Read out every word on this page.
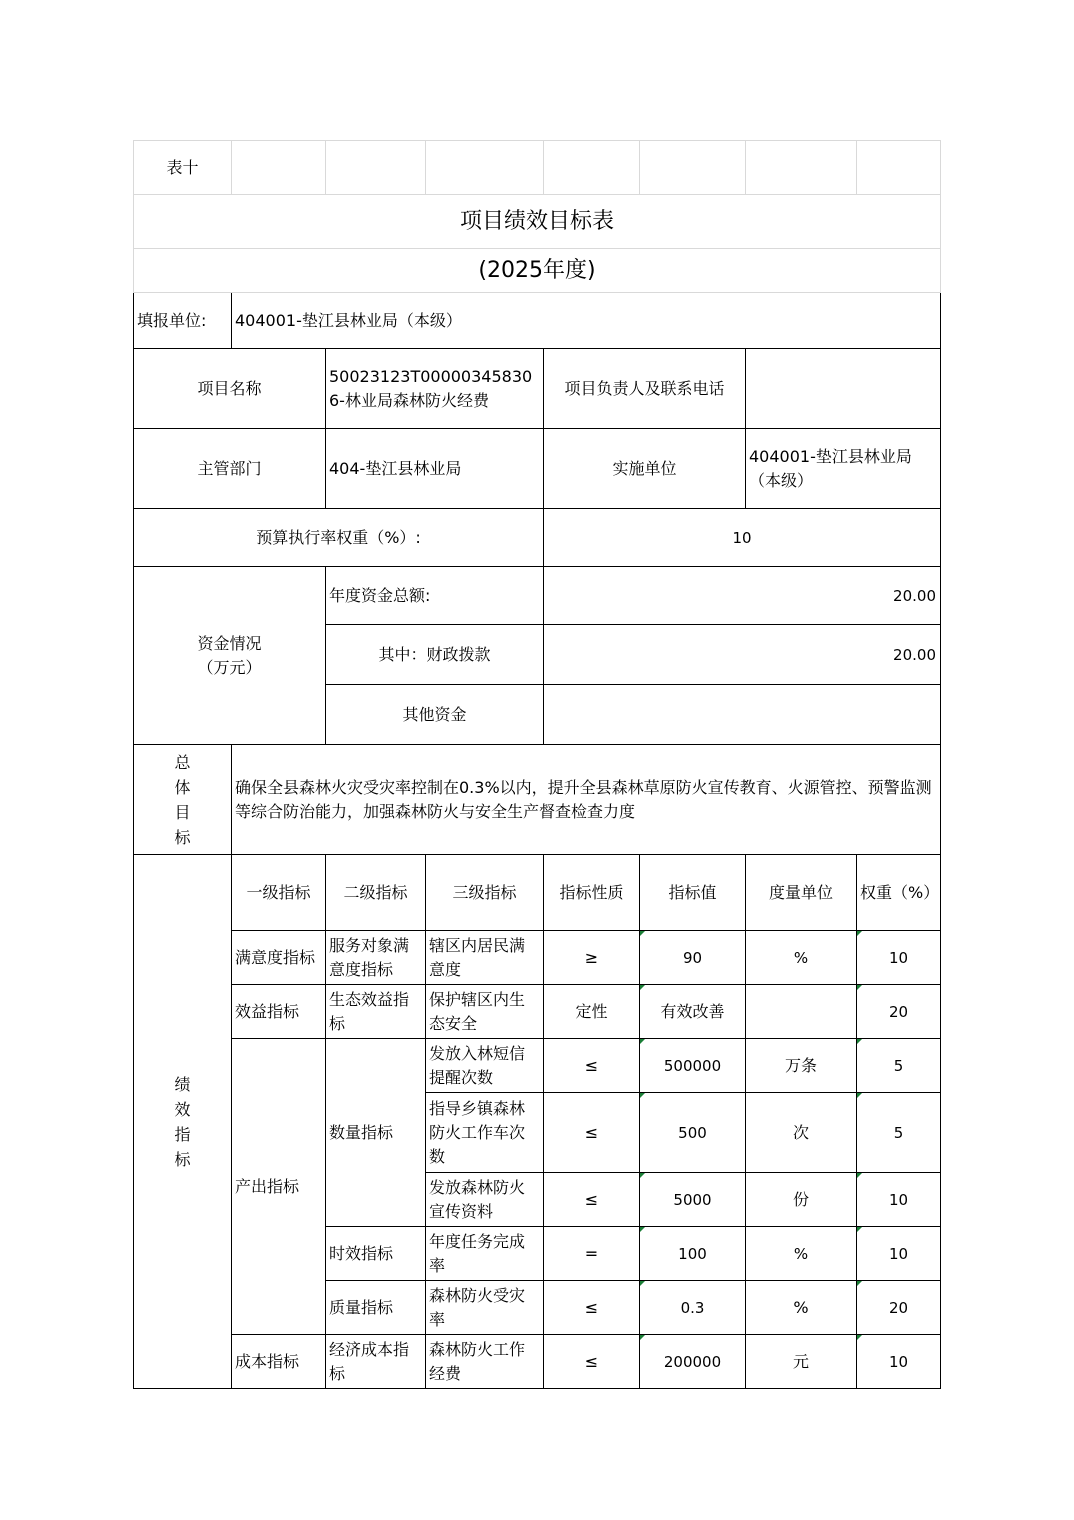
表十							
项目绩效目标表							
(2025年度)							
填报单位:	404001-垫江县林业局（本级）						
项目名称		50023123T000003458306-林业局森林防火经费		项目负责人及联系电话			
主管部门		404-垫江县林业局		实施单位		404001-垫江县林业局（本级）	
预算执行率权重（%）:				10			

资金情况
（万元）		年度资金总额:		20.00			
		其中：财政拨款		20.00			
		其他资金					

总体目标	确保全县森林火灾受灾率控制在0.3%以内，提升全县森林草原防火宣传教育、火源管控、预警监测等综合防治能力，加强森林防火与安全生产督查检查力度						

绩效指标	一级指标	二级指标	三级指标	指标性质	指标值	度量单位	权重（%）
	满意度指标	服务对象满意度指标	辖区内居民满意度	≥	90	%	10
	效益指标	生态效益指标	保护辖区内生态安全	定性	有效改善		20
	产出指标	数量指标	发放入林短信提醒次数	≤	500000	万条	5
			指导乡镇森林防火工作车次数	≤	500	次	5
			发放森林防火宣传资料	≤	5000	份	10
		时效指标	年度任务完成率	=	100	%	10
		质量指标	森林防火受灾率	≤	0.3	%	20
	成本指标	经济成本指标	森林防火工作经费	≤	200000	元	10
